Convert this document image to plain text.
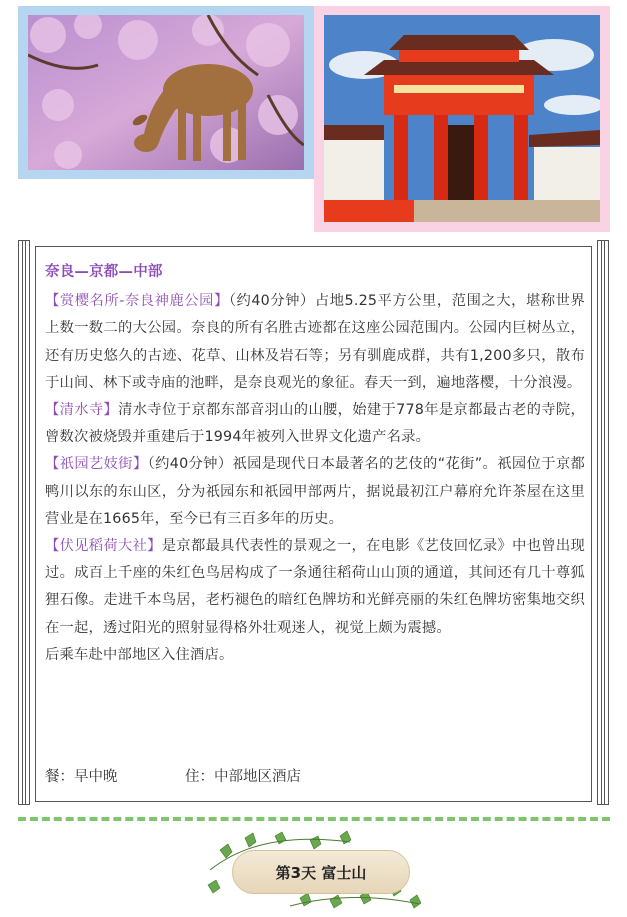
奈良—京都—中部

【赏樱名所-奈良神鹿公园】（约40分钟）占地5.25平方公里，范围之大，堪称世界上数一数二的大公园。奈良的所有名胜古迹都在这座公园范围内。公园内巨树丛立，还有历史悠久的古迹、花草、山林及岩石等；另有驯鹿成群，共有1,200多只，散布于山间、林下或寺庙的池畔，是奈良观光的象征。春天一到，遍地落樱，十分浪漫。

【清水寺】清水寺位于京都东部音羽山的山腰，始建于778年是京都最古老的寺院，曾数次被烧毁并重建后于1994年被列入世界文化遗产名录。

【祇园艺妓街】（约40分钟）祇园是现代日本最著名的艺伎的“花街”。祇园位于京都鸭川以东的东山区，分为祇园东和祇园甲部两片，据说最初江户幕府允许茶屋在这里营业是在1665年，至今已有三百多年的历史。

【伏见稻荷大社】是京都最具代表性的景观之一，在电影《艺伎回忆录》中也曾出现过。成百上千座的朱红色鸟居构成了一条通往稻荷山山顶的通道，其间还有几十尊狐狸石像。走进千本鸟居，老朽褪色的暗红色牌坊和光鲜亮丽的朱红色牌坊密集地交织在一起，透过阳光的照射显得格外壮观迷人，视觉上颇为震撼。

后乘车赴中部地区入住酒店。

餐：早中晚	住：中部地区酒店
第3天 富士山
